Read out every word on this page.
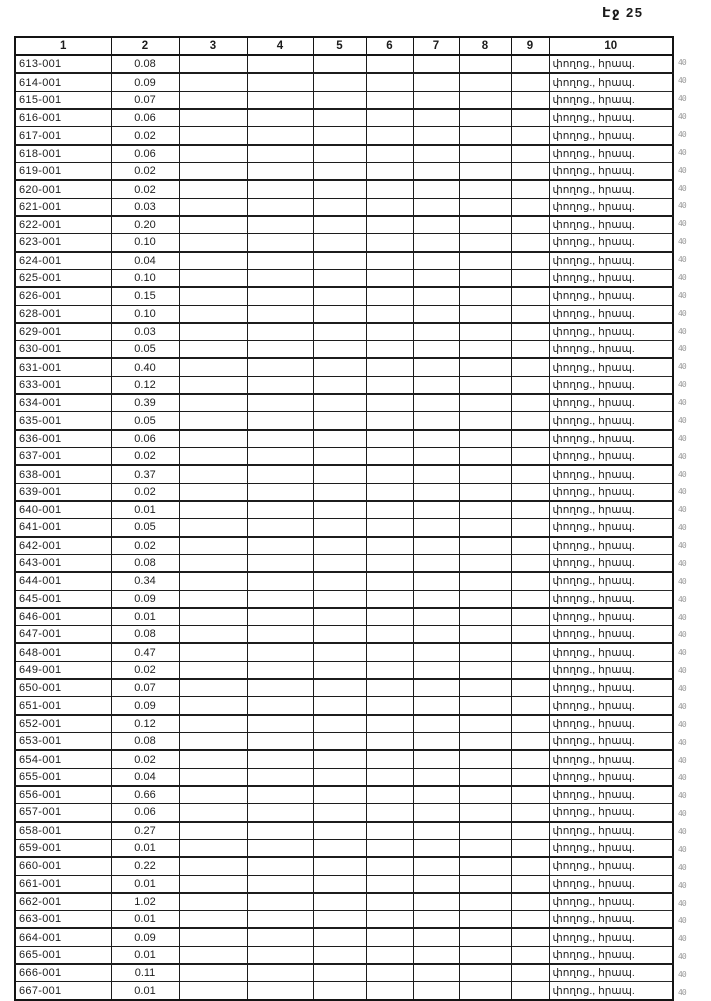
Էջ 25
1	2	3	4	5	6	7	8	9	10
613-001	0.08								փողոց., հրապ.
614-001	0.09								փողոց., հրապ.
615-001	0.07								փողոց., հրապ.
616-001	0.06								փողոց., հրապ.
617-001	0.02								փողոց., հրապ.
618-001	0.06								փողոց., հրապ.
619-001	0.02								փողոց., հրապ.
620-001	0.02								փողոց., հրապ.
621-001	0.03								փողոց., հրապ.
622-001	0.20								փողոց., հրապ.
623-001	0.10								փողոց., հրապ.
624-001	0.04								փողոց., հրապ.
625-001	0.10								փողոց., հրապ.
626-001	0.15								փողոց., հրապ.
628-001	0.10								փողոց., հրապ.
629-001	0.03								փողոց., հրապ.
630-001	0.05								փողոց., հրապ.
631-001	0.40								փողոց., հրապ.
633-001	0.12								փողոց., հրապ.
634-001	0.39								փողոց., հրապ.
635-001	0.05								փողոց., հրապ.
636-001	0.06								փողոց., հրապ.
637-001	0.02								փողոց., հրապ.
638-001	0.37								փողոց., հրապ.
639-001	0.02								փողոց., հրապ.
640-001	0.01								փողոց., հրապ.
641-001	0.05								փողոց., հրապ.
642-001	0.02								փողոց., հրապ.
643-001	0.08								փողոց., հրապ.
644-001	0.34								փողոց., հրապ.
645-001	0.09								փողոց., հրապ.
646-001	0.01								փողոց., հրապ.
647-001	0.08								փողոց., հրապ.
648-001	0.47								փողոց., հրապ.
649-001	0.02								փողոց., հրապ.
650-001	0.07								փողոց., հրապ.
651-001	0.09								փողոց., հրապ.
652-001	0.12								փողոց., հրապ.
653-001	0.08								փողոց., հրապ.
654-001	0.02								փողոց., հրապ.
655-001	0.04								փողոց., հրապ.
656-001	0.66								փողոց., հրապ.
657-001	0.06								փողոց., հրապ.
658-001	0.27								փողոց., հրապ.
659-001	0.01								փողոց., հրապ.
660-001	0.22								փողոց., հրապ.
661-001	0.01								փողոց., հրապ.
662-001	1.02								փողոց., հրապ.
663-001	0.01								փողոց., հրապ.
664-001	0.09								փողոց., հրապ.
665-001	0.01								փողոց., հրապ.
666-001	0.11								փողոց., հրապ.
667-001	0.01								փողոց., հրապ.
40
40
40
40
40
40
40
40
40
40
40
40
40
40
40
40
40
40
40
40
40
40
40
40
40
40
40
40
40
40
40
40
40
40
40
40
40
40
40
40
40
40
40
40
40
40
40
40
40
40
40
40
40
